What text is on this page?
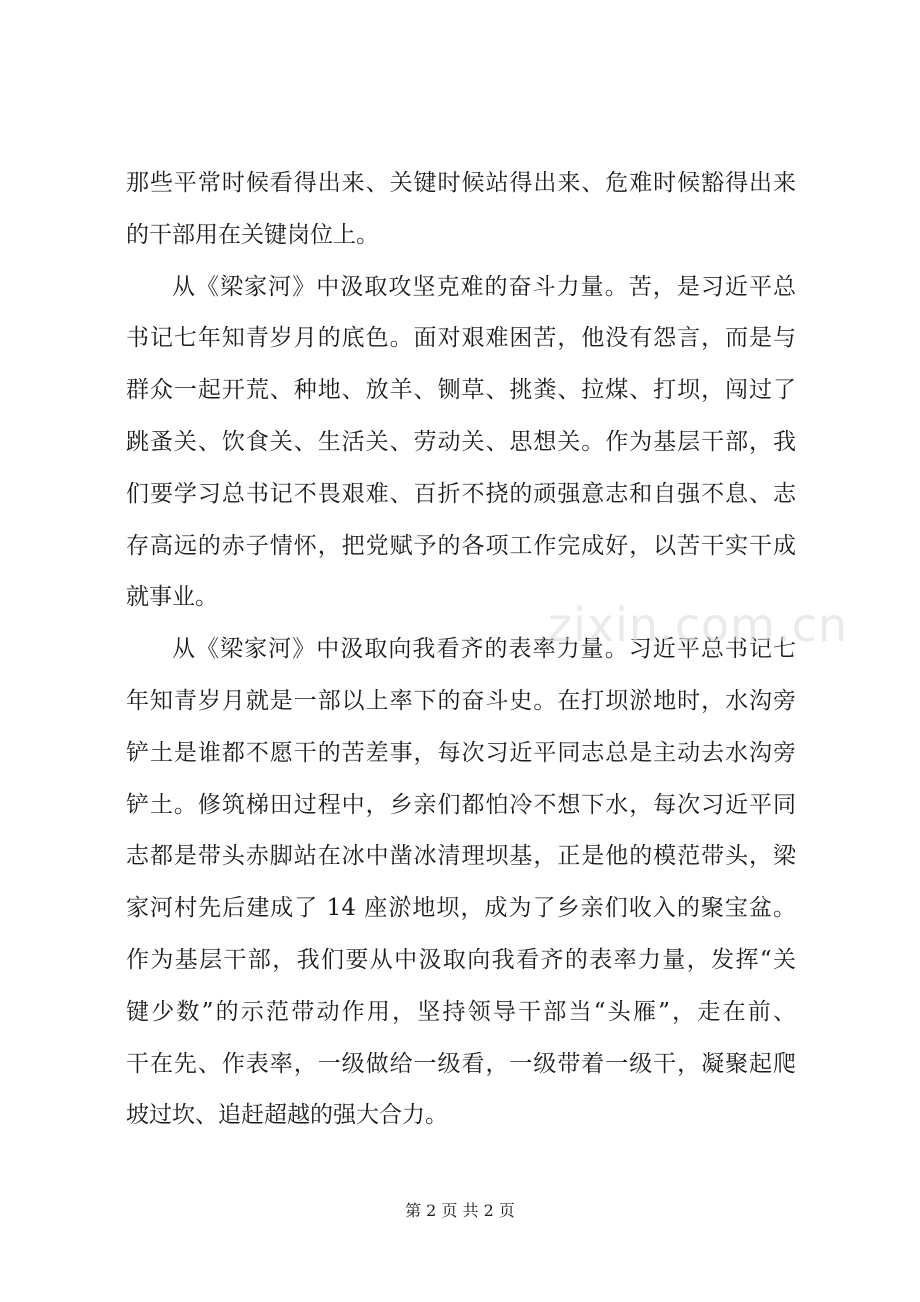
那些平常时候看得出来、关键时候站得出来、危难时候豁得出来
的干部用在关键岗位上。
从《梁家河》中汲取攻坚克难的奋斗力量。苦，是习近平总
书记七年知青岁月的底色。面对艰难困苦，他没有怨言，而是与
群众一起开荒、种地、放羊、铡草、挑粪、拉煤、打坝，闯过了
跳蚤关、饮食关、生活关、劳动关、思想关。作为基层干部，我
们要学习总书记不畏艰难、百折不挠的顽强意志和自强不息、志
存高远的赤子情怀，把党赋予的各项工作完成好，以苦干实干成
就事业。
从《梁家河》中汲取向我看齐的表率力量。习近平总书记七
年知青岁月就是一部以上率下的奋斗史。在打坝淤地时，水沟旁
铲土是谁都不愿干的苦差事，每次习近平同志总是主动去水沟旁
铲土。修筑梯田过程中，乡亲们都怕冷不想下水，每次习近平同
志都是带头赤脚站在冰中凿冰清理坝基，正是他的模范带头，梁
家河村先后建成了 14 座淤地坝，成为了乡亲们收入的聚宝盆。
作为基层干部，我们要从中汲取向我看齐的表率力量，发挥“关
键少数”的示范带动作用，坚持领导干部当“头雁”，走在前、
干在先、作表率，一级做给一级看，一级带着一级干，凝聚起爬
坡过坎、追赶超越的强大合力。
zixin.com.cn
第 2 页 共 2 页
